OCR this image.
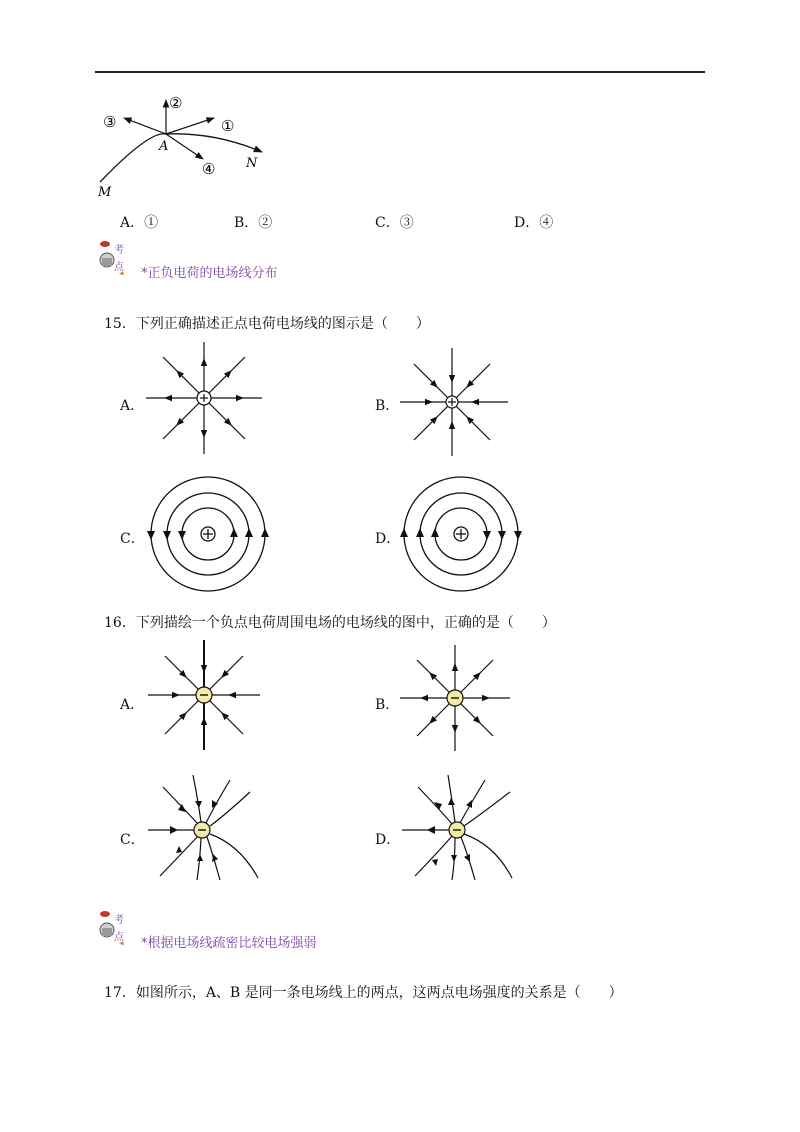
①
②
③
④
A
N
M
A．①	B．②	C．③	D．④
考
点 *正负电荷的电场线分布
15．下列正确描述正点电荷电场线的图示是（　　）
A．	B．
C．	D．
16．下列描绘一个负点电荷周围电场的电场线的图中，正确的是（　　）
A．	B．
C．	D．
考
点 *根据电场线疏密比较电场强弱
17．如图所示，A、B 是同一条电场线上的两点，这两点电场强度的关系是（　　）
